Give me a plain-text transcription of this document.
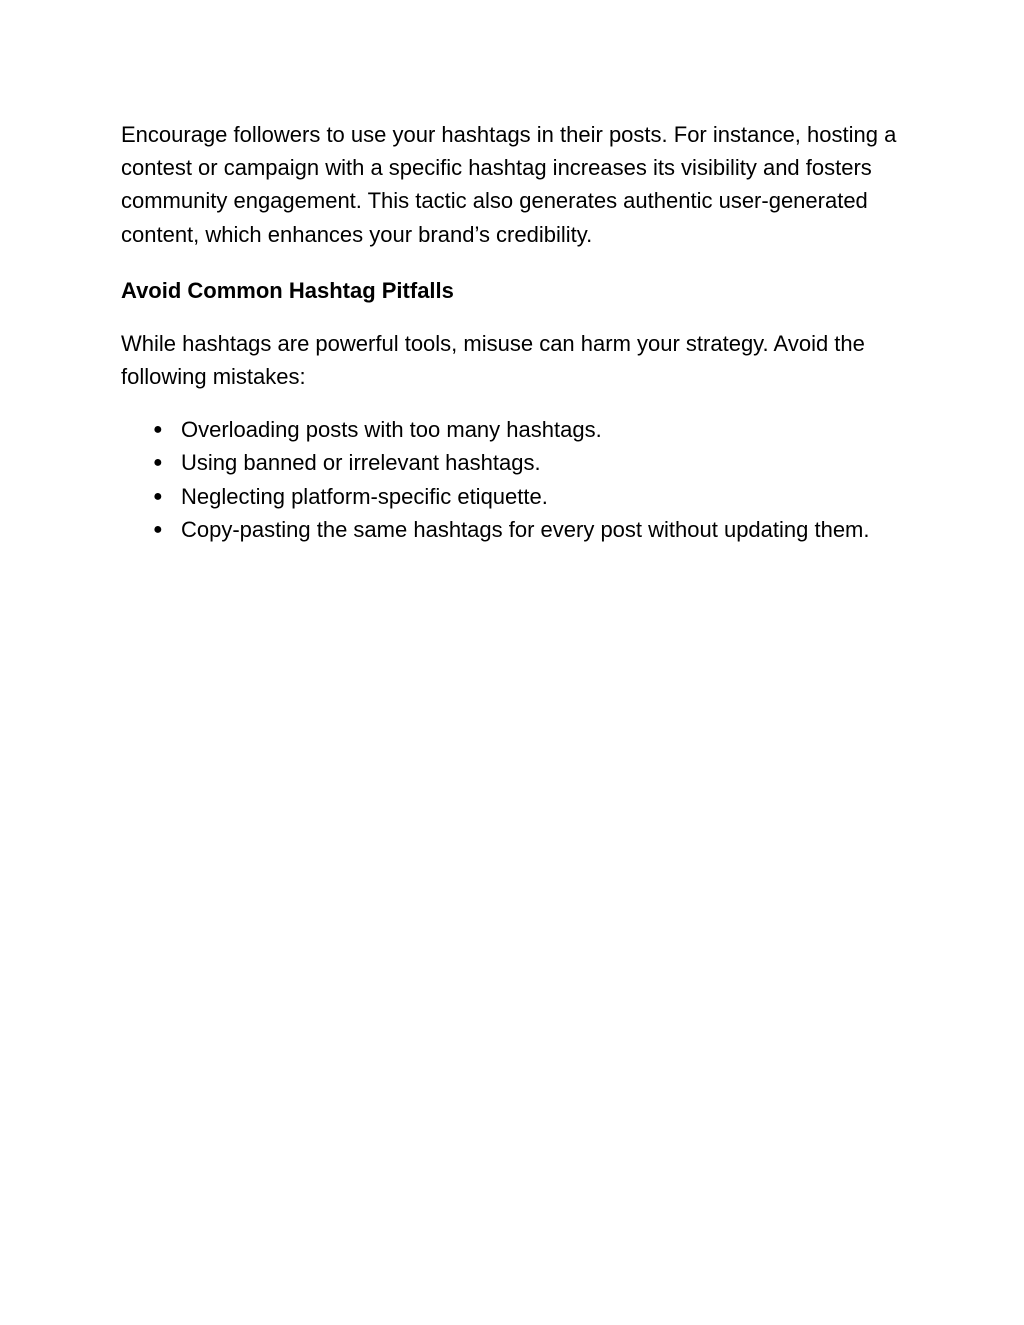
Encourage followers to use your hashtags in their posts. For instance, hosting a contest or campaign with a specific hashtag increases its visibility and fosters community engagement. This tactic also generates authentic user-generated content, which enhances your brand’s credibility.

Avoid Common Hashtag Pitfalls

While hashtags are powerful tools, misuse can harm your strategy. Avoid the following mistakes:

● Overloading posts with too many hashtags.
● Using banned or irrelevant hashtags.
● Neglecting platform-specific etiquette.
● Copy-pasting the same hashtags for every post without updating them.
